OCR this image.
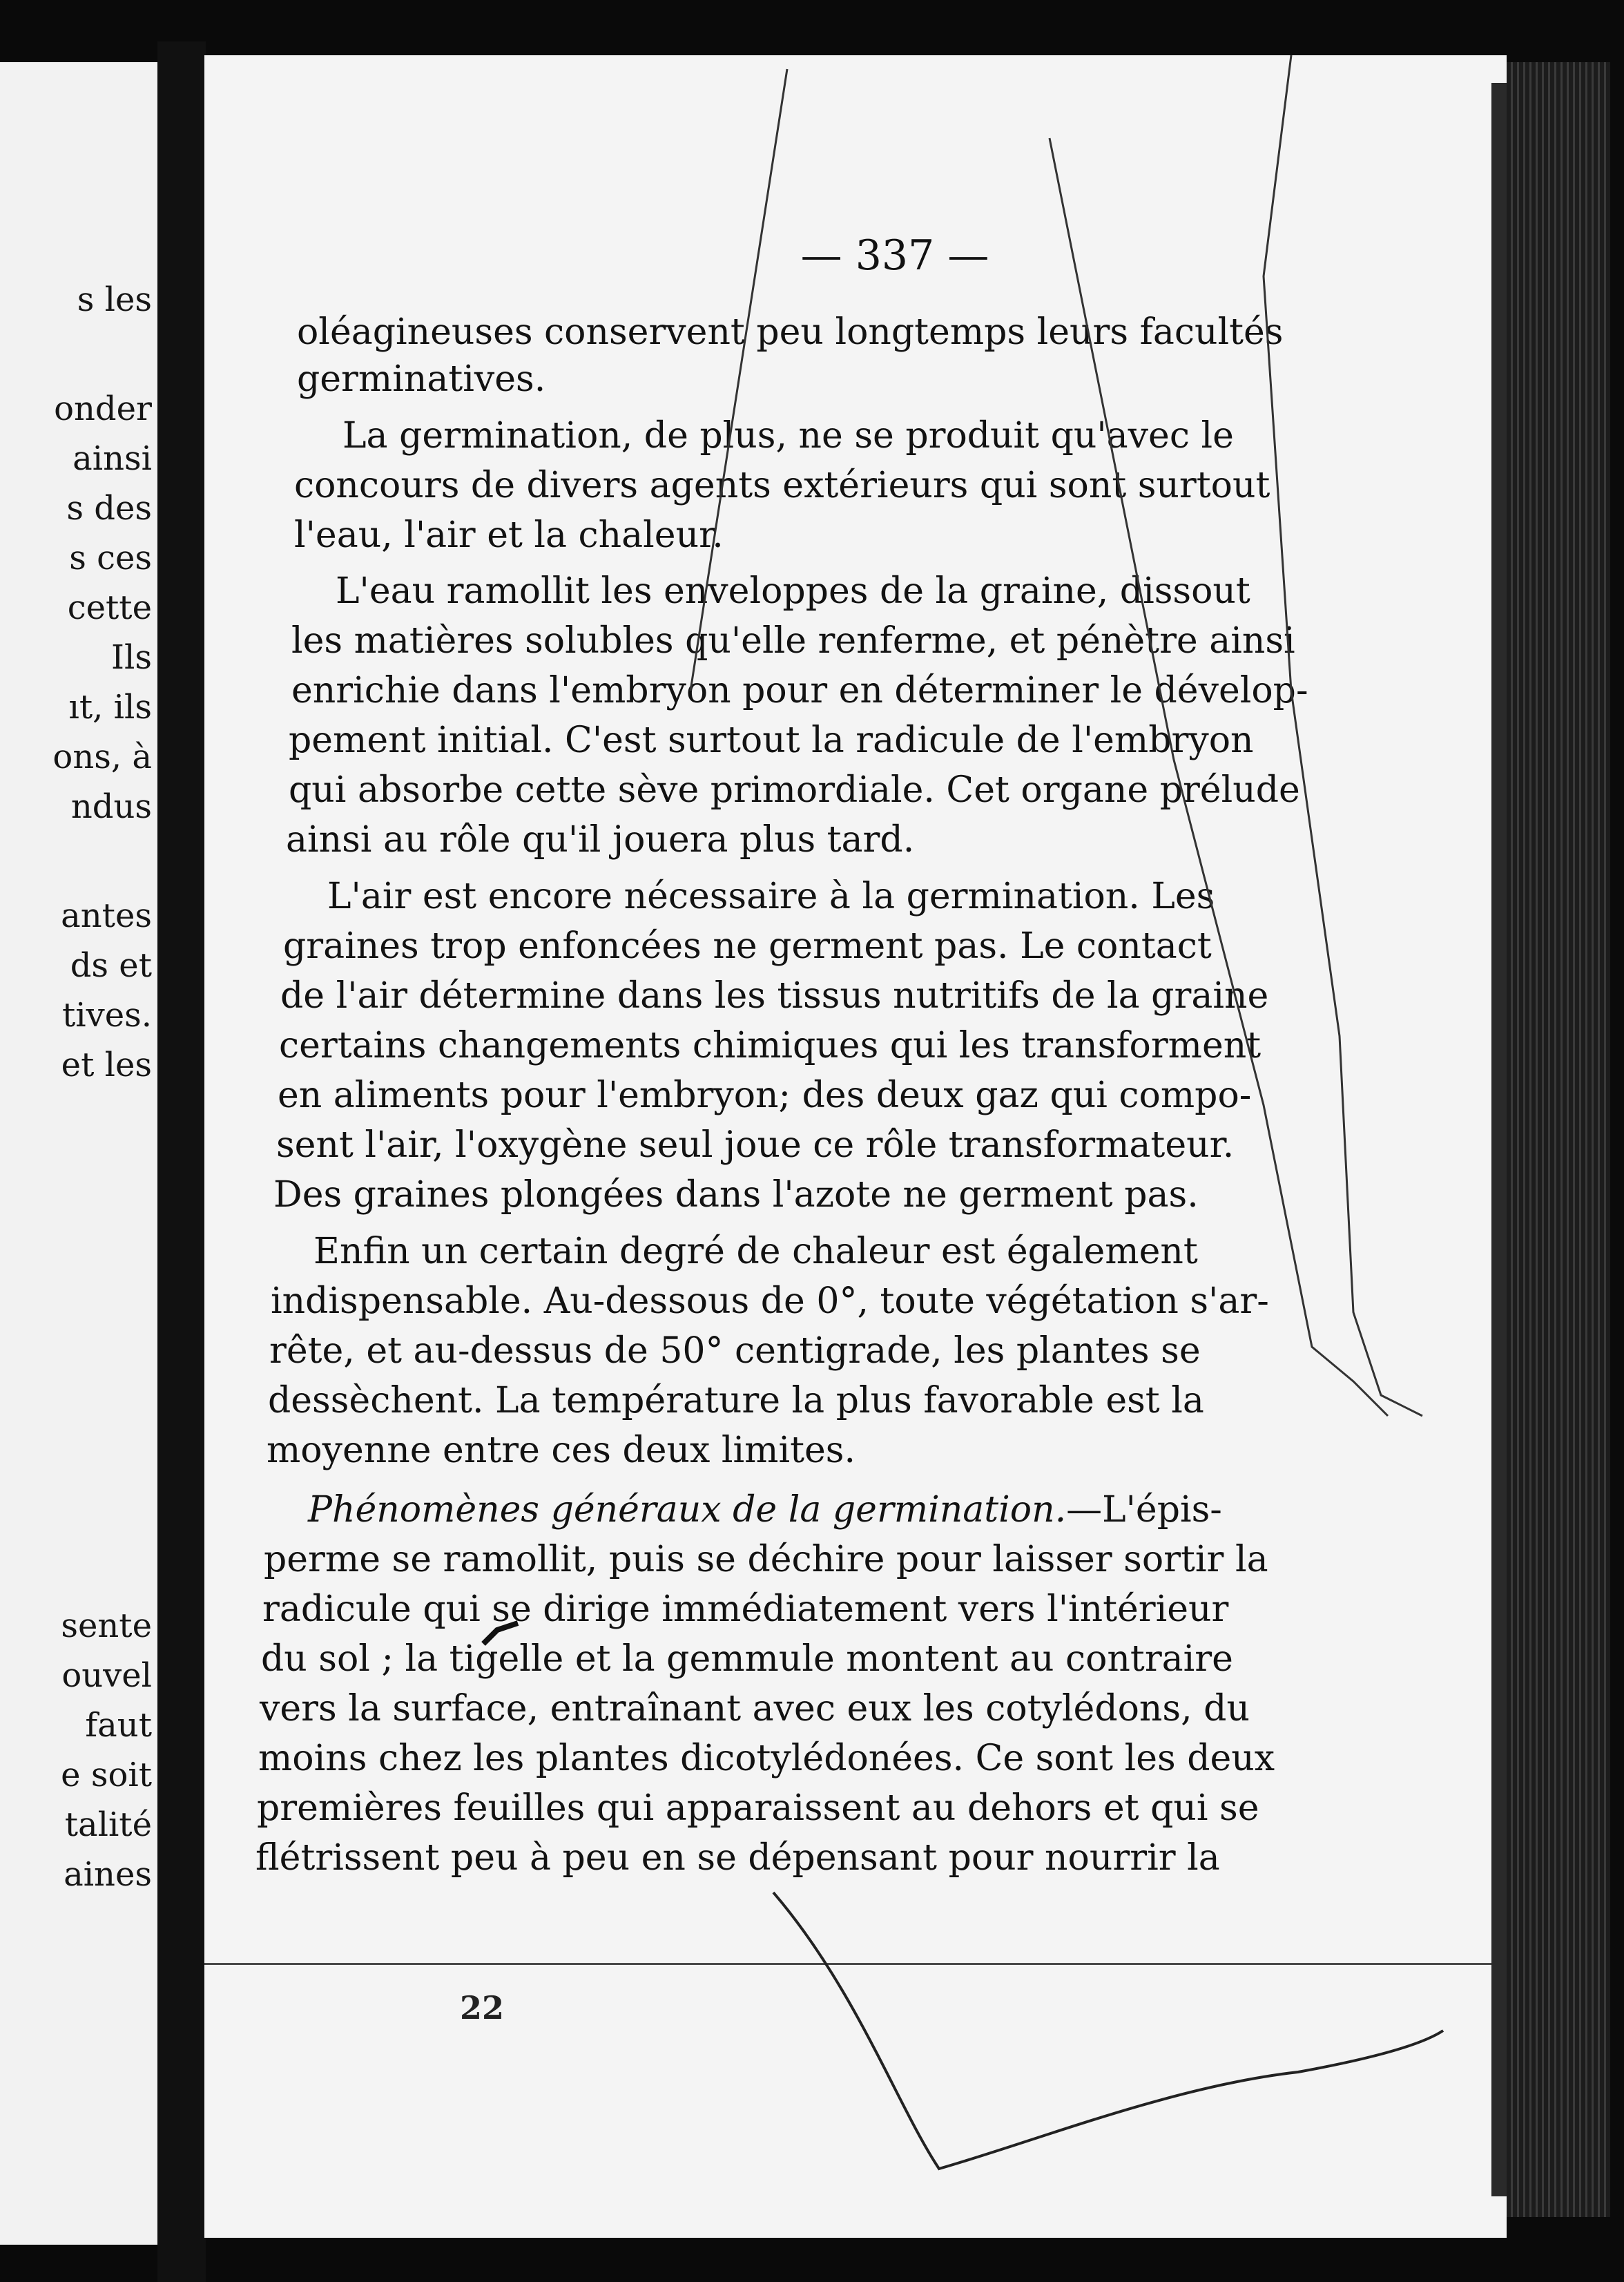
s les
onder
ainsi
s des
s ces
cette
Ils
ıt, ils
ons, à
ndus
antes
ds et
tives.
et les
sente
ouvel
faut
e soit
talité
aines
— 337 —
oléagineuses conservent peu longtemps leurs facultés
germinatives.
La germination, de plus, ne se produit qu'avec le
concours de divers agents extérieurs qui sont surtout
l'eau, l'air et la chaleur.
L'eau ramollit les enveloppes de la graine, dissout
les matières solubles qu'elle renferme, et pénètre ainsi
enrichie dans l'embryon pour en déterminer le dévelop-
pement initial. C'est surtout la radicule de l'embryon
qui absorbe cette sève primordiale. Cet organe prélude
ainsi au rôle qu'il jouera plus tard.
L'air est encore nécessaire à la germination. Les
graines trop enfoncées ne germent pas. Le contact
de l'air détermine dans les tissus nutritifs de la graine
certains changements chimiques qui les transforment
en aliments pour l'embryon; des deux gaz qui compo-
sent l'air, l'oxygène seul joue ce rôle transformateur.
Des graines plongées dans l'azote ne germent pas.
Enfin un certain degré de chaleur est également
indispensable. Au-dessous de 0°, toute végétation s'ar-
rête, et au-dessus de 50° centigrade, les plantes se
dessèchent. La température la plus favorable est la
moyenne entre ces deux limites.
Phénomènes généraux de la germination.—L'épis-
perme se ramollit, puis se déchire pour laisser sortir la
radicule qui se dirige immédiatement vers l'intérieur
du sol ; la tigelle et la gemmule montent au contraire
vers la surface, entraînant avec eux les cotylédons, du
moins chez les plantes dicotylédonées. Ce sont les deux
premières feuilles qui apparaissent au dehors et qui se
flétrissent peu à peu en se dépensant pour nourrir la
22
